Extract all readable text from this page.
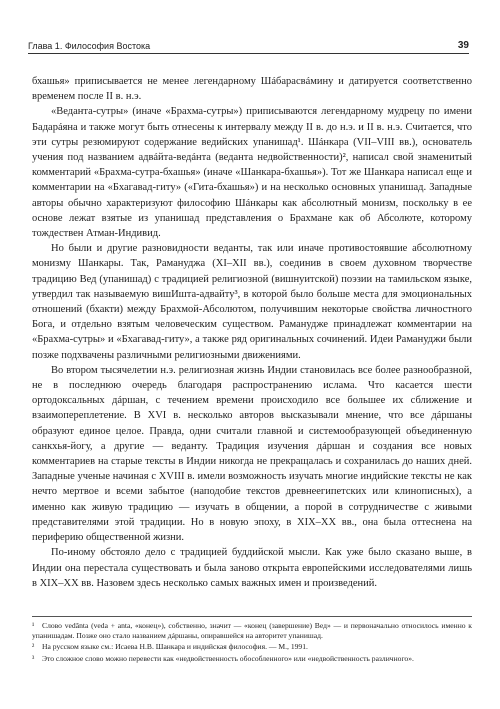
Глава 1. Философия Востока	39

бхашья» приписывается не менее легендарному Шáбарасвáмину и датируется соответственно временем после II в. н.э.

«Веданта-сутры» (иначе «Брахма-сутры») приписываются легендарному мудрецу по имени Бадарáяна и также могут быть отнесены к интервалу между II в. до н.э. и II в. н.э. Считается, что эти сутры резюмируют содержание ведийских упанишад¹. Шáнкара (VII–VIII вв.), основатель учения под названием адвáйта-ведáнта (веданта недвойственности)², написал свой знаменитый комментарий «Брахма-сутра-бхашья» (иначе «Шанкара-бхашья»). Тот же Шанкара написал еще и комментарии на «Бхагавад-гиту» («Гита-бхашья») и на несколько основных упанишад. Западные авторы обычно характеризуют философию Шáнкары как абсолютный монизм, поскольку в ее основе лежат взятые из упанишад представления о Брахмане как об Абсолюте, которому тождествен Атман-Индивид.

Но были и другие разновидности веданты, так или иначе противостоявшие абсолютному монизму Шанкары. Так, Рамануджа (XI–XII вв.), соединив в своем духовном творчестве традицию Вед (упанишад) с традицией религиозной (вишнуитской) поэзии на тамильском языке, утвердил так называемую вишИшта-адвайту³, в которой было больше места для эмоциональных отношений (бхакти) между Брахмой-Абсолютом, получившим некоторые свойства личностного Бога, и отдельно взятым человеческим существом. Раманудже принадлежат комментарии на «Брахма-сутры» и «Бхагавад-гиту», а также ряд оригинальных сочинений. Идеи Рамануджи были позже подхвачены различными религиозными движениями.

Во втором тысячелетии н.э. религиозная жизнь Индии становилась все более разнообразной, не в последнюю очередь благодаря распространению ислама. Что касается шести ортодоксальных дáршан, с течением времени происходило все большее их сближение и взаимопереплетение. В XVI в. несколько авторов высказывали мнение, что все дáршаны образуют единое целое. Правда, одни считали главной и системообразующей объединенную санкхья-йогу, а другие — веданту. Традиция изучения дáршан и создания все новых комментариев на старые тексты в Индии никогда не прекращалась и сохранилась до наших дней. Западные ученые начиная с XVIII в. имели возможность изучать многие индийские тексты не как нечто мертвое и всеми забытое (наподобие текстов древнеегипетских или клинописных), а именно как живую традицию — изучать в общении, а порой в сотрудничестве с живыми представителями этой традиции. Но в новую эпоху, в XIX–XX вв., она была оттеснена на периферию общественной жизни.

По-иному обстояло дело с традицией буддийской мысли. Как уже было сказано выше, в Индии она перестала существовать и была заново открыта европейскими исследователями лишь в XIX–XX вв. Назовем здесь несколько самых важных имен и произведений.

¹ Слово vedânta (veda + anta, «конец»), собственно, значит — «конец (завершение) Вед» — и первоначально относилось именно к упанишадам. Позже оно стало названием дáршаны, опиравшейся на авторитет упанишад.

² На русском языке см.: Исаева Н.В. Шанкара и индийская философия. — М., 1991.

³ Это сложное слово можно перевести как «недвойственность обособленного» или «недвойственность различного».
